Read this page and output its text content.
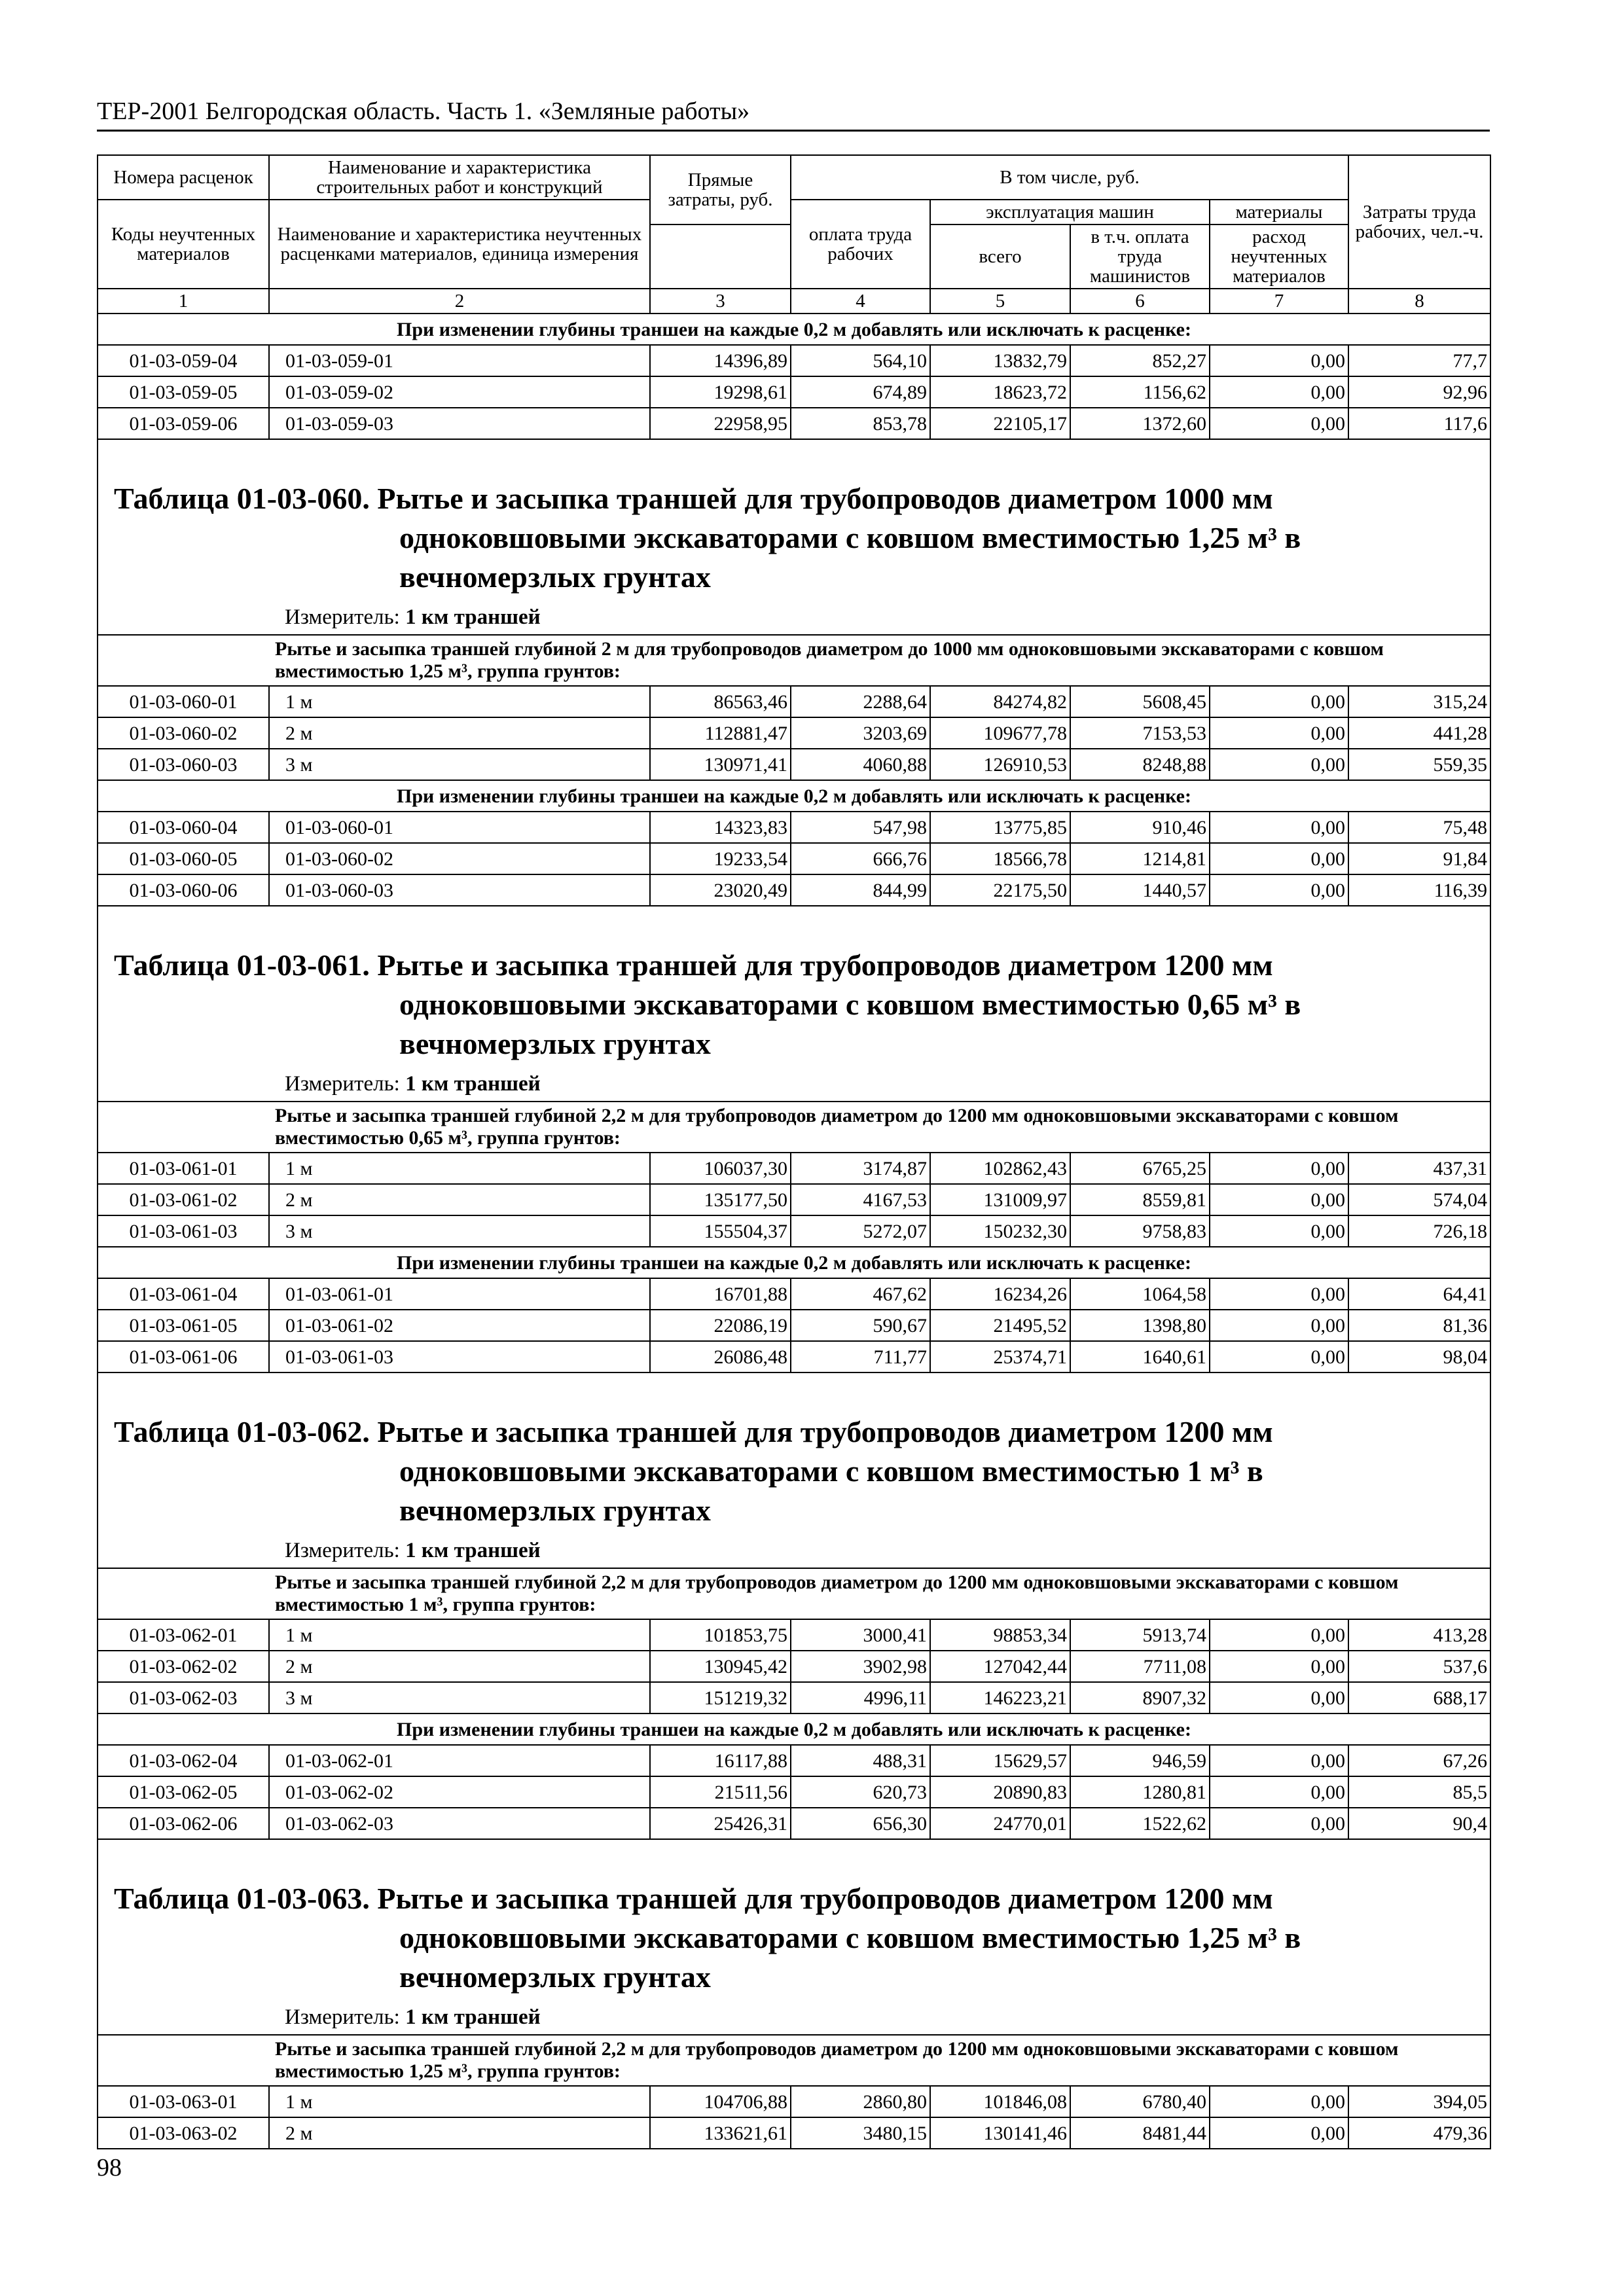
ТЕР-2001 Белгородская область. Часть 1. «Земляные работы»
Номера расценок	Наименование и характеристика строительных работ и конструкций	Прямые затраты, руб.	В том числе, руб.				Затраты труда рабочих, чел.-ч.
Коды неучтенных материалов	Наименование и характеристика неучтенных расценками материалов, единица измерения		оплата труда рабочих	эксплуатация машин		материалы	
				всего	в т.ч. оплата труда машинистов	расход неучтенных материалов	

1	2	3	4	5	6	7	8
При изменении глубины траншеи на каждые 0,2 м добавлять или исключать к расценке:							
01-03-059-04	01-03-059-01	14396,89	564,10	13832,79	852,27	0,00	77,7
01-03-059-05	01-03-059-02	19298,61	674,89	18623,72	1156,62	0,00	92,96
01-03-059-06	01-03-059-03	22958,95	853,78	22105,17	1372,60	0,00	117,6

Таблица 01-03-060. Рытье и засыпка траншей для трубопроводов диаметром 1000 мм
одноковшовыми экскаваторами с ковшом вместимостью 1,25 м³ в
вечномерзлых грунтах
Измеритель: 1 км траншей							

Рытье и засыпка траншей глубиной 2 м для трубопроводов диаметром до 1000 мм одноковшовыми экскаваторами с ковшом вместимостью 1,25 м³, группа грунтов:							
01-03-060-01	1 м	86563,46	2288,64	84274,82	5608,45	0,00	315,24
01-03-060-02	2 м	112881,47	3203,69	109677,78	7153,53	0,00	441,28
01-03-060-03	3 м	130971,41	4060,88	126910,53	8248,88	0,00	559,35
При изменении глубины траншеи на каждые 0,2 м добавлять или исключать к расценке:							
01-03-060-04	01-03-060-01	14323,83	547,98	13775,85	910,46	0,00	75,48
01-03-060-05	01-03-060-02	19233,54	666,76	18566,78	1214,81	0,00	91,84
01-03-060-06	01-03-060-03	23020,49	844,99	22175,50	1440,57	0,00	116,39

Таблица 01-03-061. Рытье и засыпка траншей для трубопроводов диаметром 1200 мм
одноковшовыми экскаваторами с ковшом вместимостью 0,65 м³ в
вечномерзлых грунтах
Измеритель: 1 км траншей							

Рытье и засыпка траншей глубиной 2,2 м для трубопроводов диаметром до 1200 мм одноковшовыми экскаваторами с ковшом вместимостью 0,65 м³, группа грунтов:							
01-03-061-01	1 м	106037,30	3174,87	102862,43	6765,25	0,00	437,31
01-03-061-02	2 м	135177,50	4167,53	131009,97	8559,81	0,00	574,04
01-03-061-03	3 м	155504,37	5272,07	150232,30	9758,83	0,00	726,18
При изменении глубины траншеи на каждые 0,2 м добавлять или исключать к расценке:							
01-03-061-04	01-03-061-01	16701,88	467,62	16234,26	1064,58	0,00	64,41
01-03-061-05	01-03-061-02	22086,19	590,67	21495,52	1398,80	0,00	81,36
01-03-061-06	01-03-061-03	26086,48	711,77	25374,71	1640,61	0,00	98,04

Таблица 01-03-062. Рытье и засыпка траншей для трубопроводов диаметром 1200 мм
одноковшовыми экскаваторами с ковшом вместимостью 1 м³ в
вечномерзлых грунтах
Измеритель: 1 км траншей							

Рытье и засыпка траншей глубиной 2,2 м для трубопроводов диаметром до 1200 мм одноковшовыми экскаваторами с ковшом вместимостью 1 м³, группа грунтов:							
01-03-062-01	1 м	101853,75	3000,41	98853,34	5913,74	0,00	413,28
01-03-062-02	2 м	130945,42	3902,98	127042,44	7711,08	0,00	537,6
01-03-062-03	3 м	151219,32	4996,11	146223,21	8907,32	0,00	688,17
При изменении глубины траншеи на каждые 0,2 м добавлять или исключать к расценке:							
01-03-062-04	01-03-062-01	16117,88	488,31	15629,57	946,59	0,00	67,26
01-03-062-05	01-03-062-02	21511,56	620,73	20890,83	1280,81	0,00	85,5
01-03-062-06	01-03-062-03	25426,31	656,30	24770,01	1522,62	0,00	90,4

Таблица 01-03-063. Рытье и засыпка траншей для трубопроводов диаметром 1200 мм
одноковшовыми экскаваторами с ковшом вместимостью 1,25 м³ в
вечномерзлых грунтах
Измеритель: 1 км траншей							

Рытье и засыпка траншей глубиной 2,2 м для трубопроводов диаметром до 1200 мм одноковшовыми экскаваторами с ковшом вместимостью 1,25 м³, группа грунтов:							
01-03-063-01	1 м	104706,88	2860,80	101846,08	6780,40	0,00	394,05
01-03-063-02	2 м	133621,61	3480,15	130141,46	8481,44	0,00	479,36
98
